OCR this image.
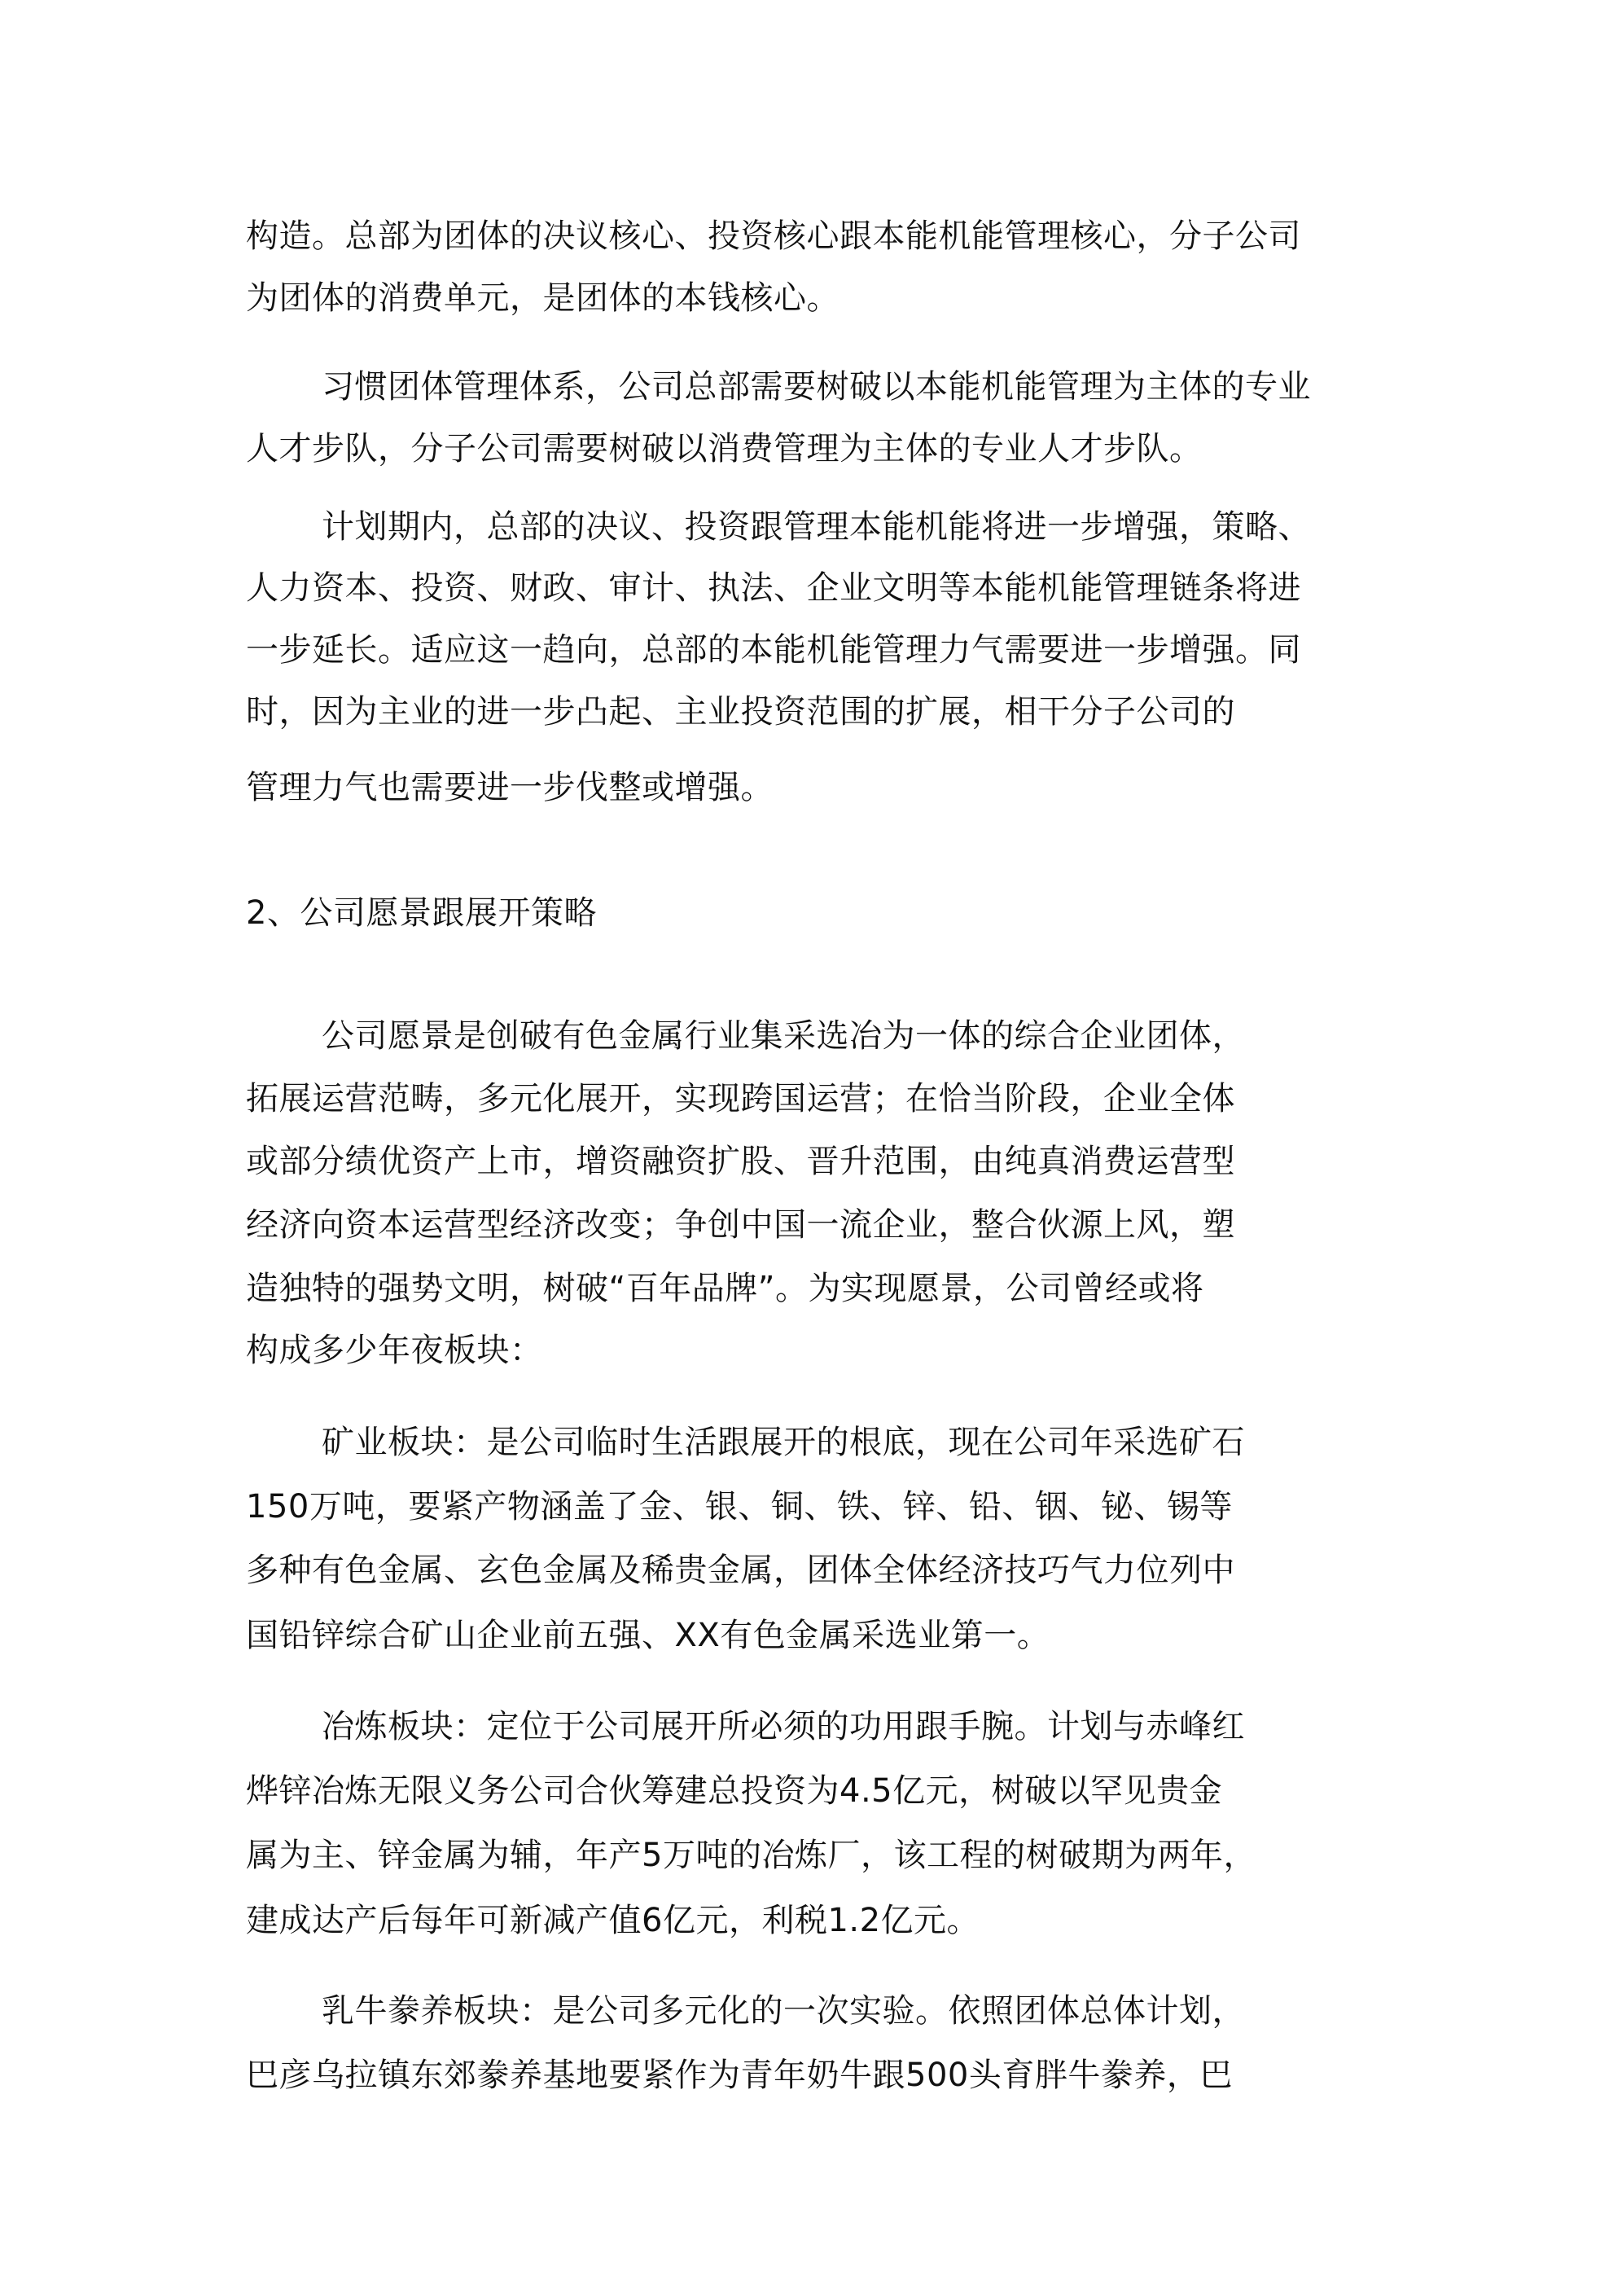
构造。总部为团体的决议核心、投资核心跟本能机能管理核心，分子公司
为团体的消费单元，是团体的本钱核心。
习惯团体管理体系，公司总部需要树破以本能机能管理为主体的专业
人才步队，分子公司需要树破以消费管理为主体的专业人才步队。
计划期内，总部的决议、投资跟管理本能机能将进一步增强，策略、
人力资本、投资、财政、审计、执法、企业文明等本能机能管理链条将进
一步延长。适应这一趋向，总部的本能机能管理力气需要进一步增强。同
时，因为主业的进一步凸起、主业投资范围的扩展，相干分子公司的
管理力气也需要进一步伐整或增强。
2、公司愿景跟展开策略
公司愿景是创破有色金属行业集采选冶为一体的综合企业团体，
拓展运营范畴，多元化展开，实现跨国运营；在恰当阶段，企业全体
或部分绩优资产上市，增资融资扩股、晋升范围，由纯真消费运营型
经济向资本运营型经济改变；争创中国一流企业，整合伙源上风，塑
造独特的强势文明，树破“百年品牌”。为实现愿景，公司曾经或将
构成多少年夜板块：
矿业板块：是公司临时生活跟展开的根底，现在公司年采选矿石
150万吨，要紧产物涵盖了金、银、铜、铁、锌、铅、铟、铋、锡等
多种有色金属、玄色金属及稀贵金属，团体全体经济技巧气力位列中
国铅锌综合矿山企业前五强、XX有色金属采选业第一。
冶炼板块：定位于公司展开所必须的功用跟手腕。计划与赤峰红
烨锌冶炼无限义务公司合伙筹建总投资为4.5亿元，树破以罕见贵金
属为主、锌金属为辅，年产5万吨的冶炼厂，该工程的树破期为两年，
建成达产后每年可新减产值6亿元，利税1.2亿元。
乳牛豢养板块：是公司多元化的一次实验。依照团体总体计划，
巴彦乌拉镇东郊豢养基地要紧作为青年奶牛跟500头育胖牛豢养，巴
